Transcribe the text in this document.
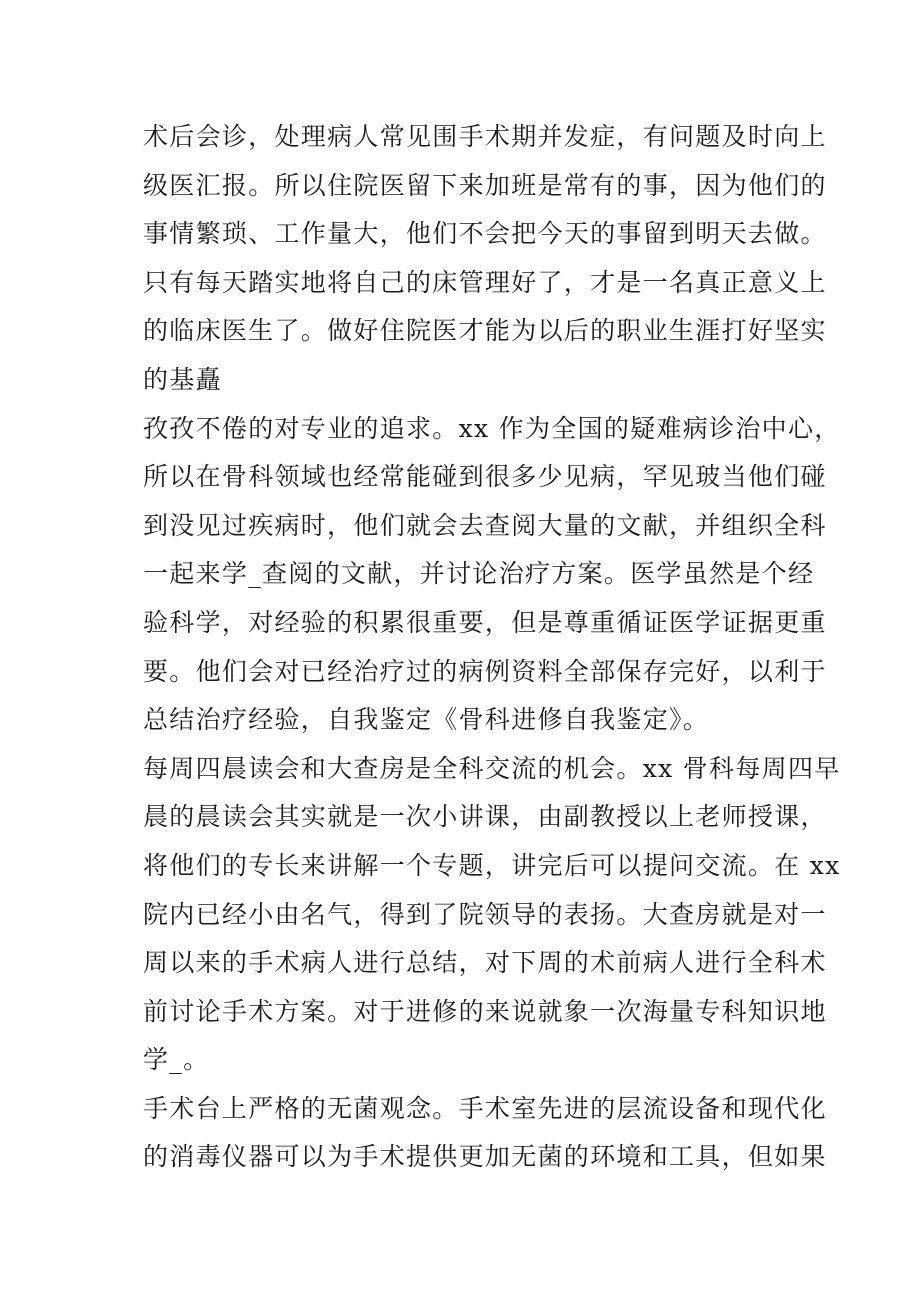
术后会诊，处理病人常见围手术期并发症，有问题及时向上
级医汇报。所以住院医留下来加班是常有的事，因为他们的
事情繁琐、工作量大，他们不会把今天的事留到明天去做。
只有每天踏实地将自己的床管理好了，才是一名真正意义上
的临床医生了。做好住院医才能为以后的职业生涯打好坚实
的基矗
孜孜不倦的对专业的追求。xx 作为全国的疑难病诊治中心，
所以在骨科领域也经常能碰到很多少见病，罕见玻当他们碰
到没见过疾病时，他们就会去查阅大量的文献，并组织全科
一起来学_查阅的文献，并讨论治疗方案。医学虽然是个经
验科学，对经验的积累很重要，但是尊重循证医学证据更重
要。他们会对已经治疗过的病例资料全部保存完好，以利于
总结治疗经验，自我鉴定《骨科进修自我鉴定》。
每周四晨读会和大查房是全科交流的机会。xx 骨科每周四早
晨的晨读会其实就是一次小讲课，由副教授以上老师授课，
将他们的专长来讲解一个专题，讲完后可以提问交流。在 xx
院内已经小由名气，得到了院领导的表扬。大查房就是对一
周以来的手术病人进行总结，对下周的术前病人进行全科术
前讨论手术方案。对于进修的来说就象一次海量专科知识地
学_。
手术台上严格的无菌观念。手术室先进的层流设备和现代化
的消毒仪器可以为手术提供更加无菌的环境和工具，但如果
